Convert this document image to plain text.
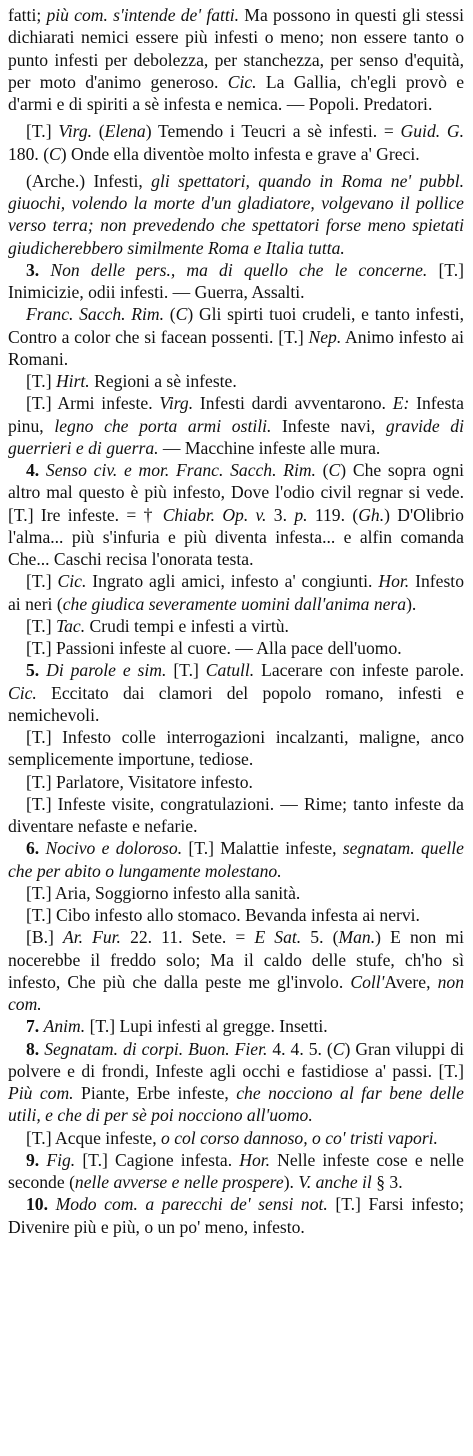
fatti; più com. s'intende de' fatti. Ma possono in questi gli stessi dichiarati nemici essere più infesti o meno; non essere tanto o punto infesti per debolezza, per stanchezza, per senso d'equità, per moto d'animo generoso. Cic. La Gallia, ch'egli provò e d'armi e di spiriti a sè infesta e nemica. — Popoli. Predatori.

[T.] Virg. (Elena) Temendo i Teucri a sè infesti. = Guid. G. 180. (C) Onde ella diventòe molto infesta e grave a' Greci.

(Arche.) Infesti, gli spettatori, quando in Roma ne' pubbl. giuochi, volendo la morte d'un gladiatore, volgevano il pollice verso terra; non prevedendo che spettatori forse meno spietati giudicherebbero similmente Roma e Italia tutta.

3. Non delle pers., ma di quello che le concerne. [T.] Inimicizie, odii infesti. — Guerra, Assalti.

Franc. Sacch. Rim. (C) Gli spirti tuoi crudeli, e tanto infesti, Contro a color che si facean possenti. [T.] Nep. Animo infesto ai Romani.

[T.] Hirt. Regioni a sè infeste.

[T.] Armi infeste. Virg. Infesti dardi avventarono. E: Infesta pinu, legno che porta armi ostili. Infeste navi, gravide di guerrieri e di guerra. — Macchine infeste alle mura.

4. Senso civ. e mor. Franc. Sacch. Rim. (C) Che sopra ogni altro mal questo è più infesto, Dove l'odio civil regnar si vede. [T.] Ire infeste. = † Chiabr. Op. v. 3. p. 119. (Gh.) D'Olibrio l'alma... più s'infuria e più diventa infesta... e alfin comanda Che... Caschi recisa l'onorata testa.

[T.] Cic. Ingrato agli amici, infesto a' congiunti. Hor. Infesto ai neri (che giudica severamente uomini dall'anima nera).

[T.] Tac. Crudi tempi e infesti a virtù.

[T.] Passioni infeste al cuore. — Alla pace dell'uomo.

5. Di parole e sim. [T.] Catull. Lacerare con infeste parole. Cic. Eccitato dai clamori del popolo romano, infesti e nemichevoli.

[T.] Infesto colle interrogazioni incalzanti, maligne, anco semplicemente importune, tediose.

[T.] Parlatore, Visitatore infesto.

[T.] Infeste visite, congratulazioni. — Rime; tanto infeste da diventare nefaste e nefarie.

6. Nocivo e doloroso. [T.] Malattie infeste, segnatam. quelle che per abito o lungamente molestano.

[T.] Aria, Soggiorno infesto alla sanità.

[T.] Cibo infesto allo stomaco. Bevanda infesta ai nervi.

[B.] Ar. Fur. 22. 11. Sete. = E Sat. 5. (Man.) E non mi nocerebbe il freddo solo; Ma il caldo delle stufe, ch'ho sì infesto, Che più che dalla peste me gl'involo. Coll'Avere, non com.

7. Anim. [T.] Lupi infesti al gregge. Insetti.

8. Segnatam. di corpi. Buon. Fier. 4. 4. 5. (C) Gran viluppi di polvere e di frondi, Infeste agli occhi e fastidiose a' passi. [T.] Più com. Piante, Erbe infeste, che nocciono al far bene delle utili, e che di per sè poi nocciono all'uomo.

[T.] Acque infeste, o col corso dannoso, o co' tristi vapori.

9. Fig. [T.] Cagione infesta. Hor. Nelle infeste cose e nelle seconde (nelle avverse e nelle prospere). V. anche il § 3.

10. Modo com. a parecchi de' sensi not. [T.] Farsi infesto; Divenire più e più, o un po' meno, infesto.
